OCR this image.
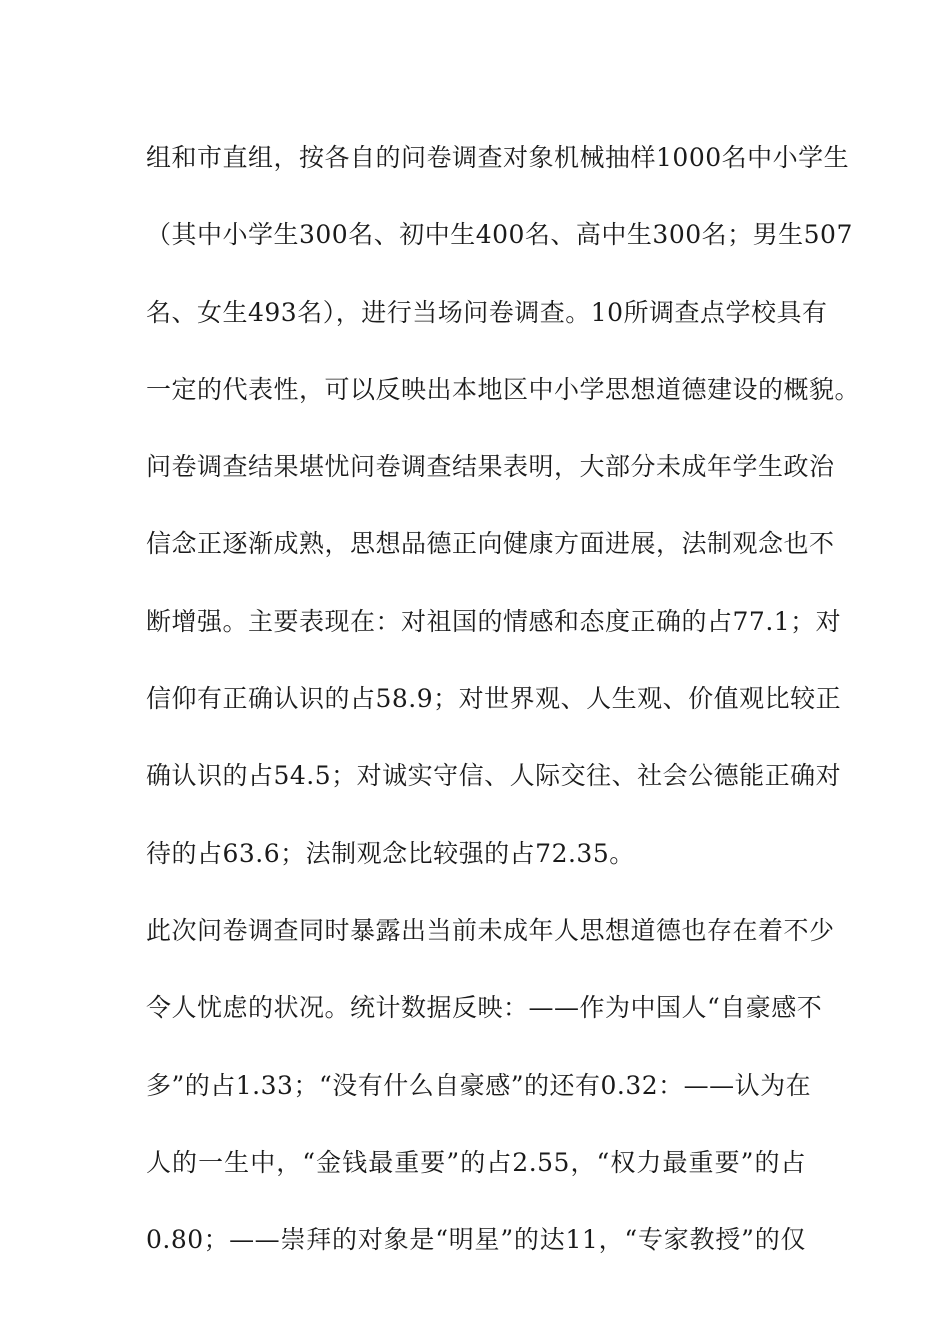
组和市直组，按各自的问卷调查对象机械抽样1000名中小学生
（其中小学生300名、初中生400名、高中生300名；男生507
名、女生493名），进行当场问卷调查。10所调查点学校具有
一定的代表性，可以反映出本地区中小学思想道德建设的概貌。
问卷调查结果堪忧问卷调查结果表明，大部分未成年学生政治
信念正逐渐成熟，思想品德正向健康方面进展，法制观念也不
断增强。主要表现在：对祖国的情感和态度正确的占77.1；对
信仰有正确认识的占58.9；对世界观、人生观、价值观比较正
确认识的占54.5；对诚实守信、人际交往、社会公德能正确对
待的占63.6；法制观念比较强的占72.35。
此次问卷调查同时暴露出当前未成年人思想道德也存在着不少
令人忧虑的状况。统计数据反映：——作为中国人“自豪感不
多”的占1.33；“没有什么自豪感”的还有0.32：——认为在
人的一生中，“金钱最重要”的占2.55，“权力最重要”的占
0.80；——崇拜的对象是“明星”的达11，“专家教授”的仅
